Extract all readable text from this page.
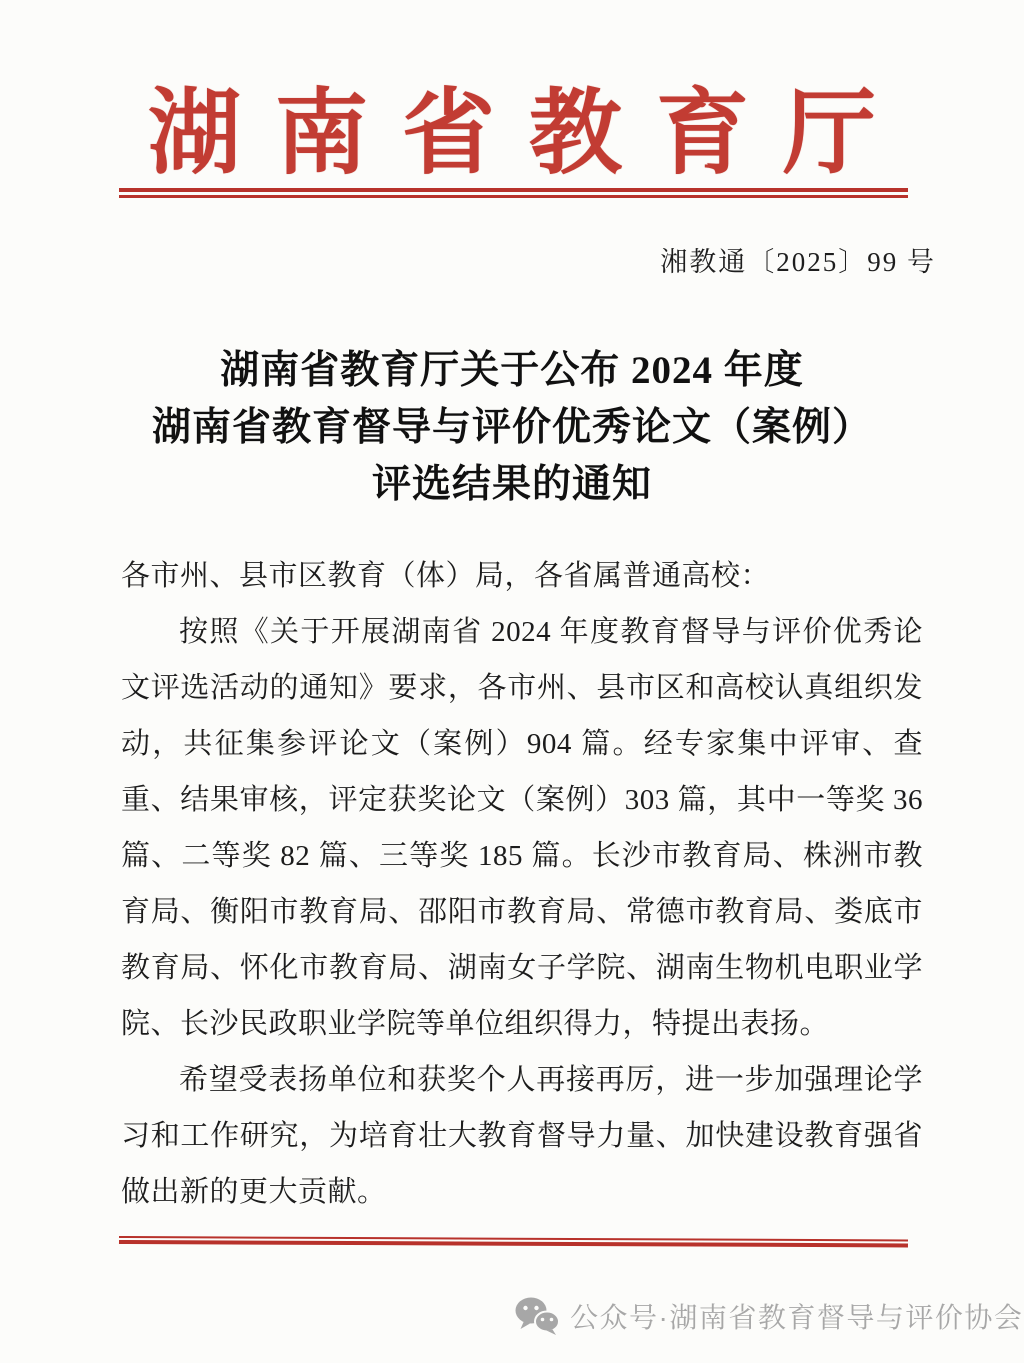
湖南省教育厅
湘教通〔2025〕99 号
湖南省教育厅关于公布 2024 年度
湖南省教育督导与评价优秀论文（案例）
评选结果的通知

各市州、县市区教育（体）局，各省属普通高校：

按照《关于开展湖南省 2024 年度教育督导与评价优秀论文评选活动的通知》要求，各市州、县市区和高校认真组织发动，共征集参评论文（案例）904 篇。经专家集中评审、查重、结果审核，评定获奖论文（案例）303 篇，其中一等奖 36 篇、二等奖 82 篇、三等奖 185 篇。长沙市教育局、株洲市教育局、衡阳市教育局、邵阳市教育局、常德市教育局、娄底市教育局、怀化市教育局、湖南女子学院、湖南生物机电职业学院、长沙民政职业学院等单位组织得力，特提出表扬。

希望受表扬单位和获奖个人再接再厉，进一步加强理论学习和工作研究，为培育壮大教育督导力量、加快建设教育强省做出新的更大贡献。

公众号·湖南省教育督导与评价协会
